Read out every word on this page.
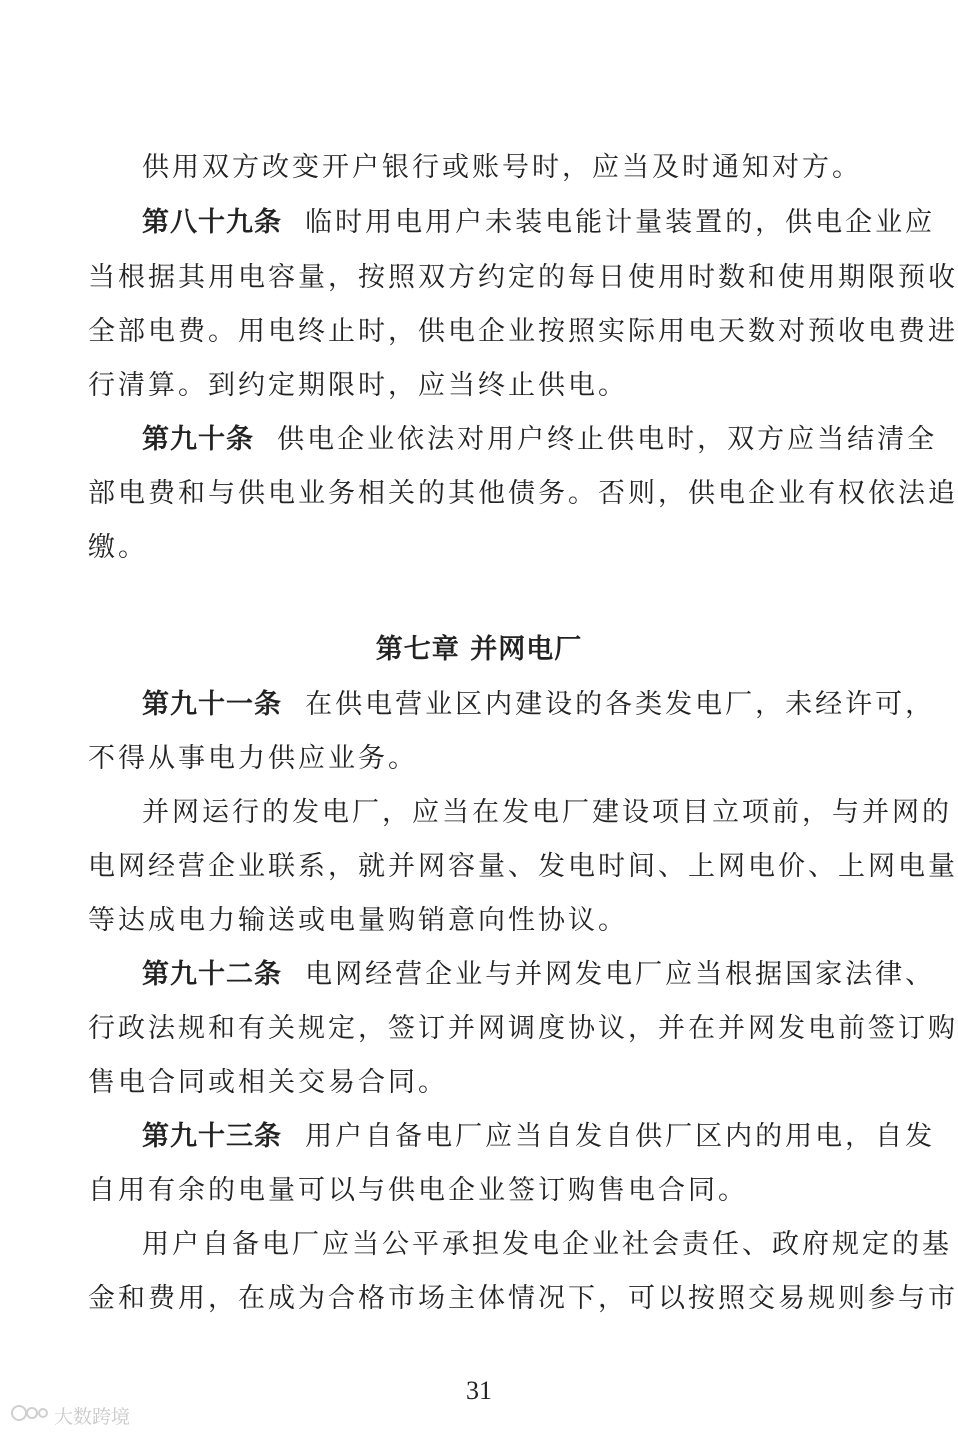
供用双方改变开户银行或账号时，应当及时通知对方。
第八十九条 临时用电用户未装电能计量装置的，供电企业应
当根据其用电容量，按照双方约定的每日使用时数和使用期限预收
全部电费。用电终止时，供电企业按照实际用电天数对预收电费进
行清算。到约定期限时，应当终止供电。
第九十条 供电企业依法对用户终止供电时，双方应当结清全
部电费和与供电业务相关的其他债务。否则，供电企业有权依法追
缴。
第七章 并网电厂
第九十一条 在供电营业区内建设的各类发电厂，未经许可，
不得从事电力供应业务。
并网运行的发电厂，应当在发电厂建设项目立项前，与并网的
电网经营企业联系，就并网容量、发电时间、上网电价、上网电量
等达成电力输送或电量购销意向性协议。
第九十二条 电网经营企业与并网发电厂应当根据国家法律、
行政法规和有关规定，签订并网调度协议，并在并网发电前签订购
售电合同或相关交易合同。
第九十三条 用户自备电厂应当自发自供厂区内的用电，自发
自用有余的电量可以与供电企业签订购售电合同。
用户自备电厂应当公平承担发电企业社会责任、政府规定的基
金和费用，在成为合格市场主体情况下，可以按照交易规则参与市
31
大数跨境
